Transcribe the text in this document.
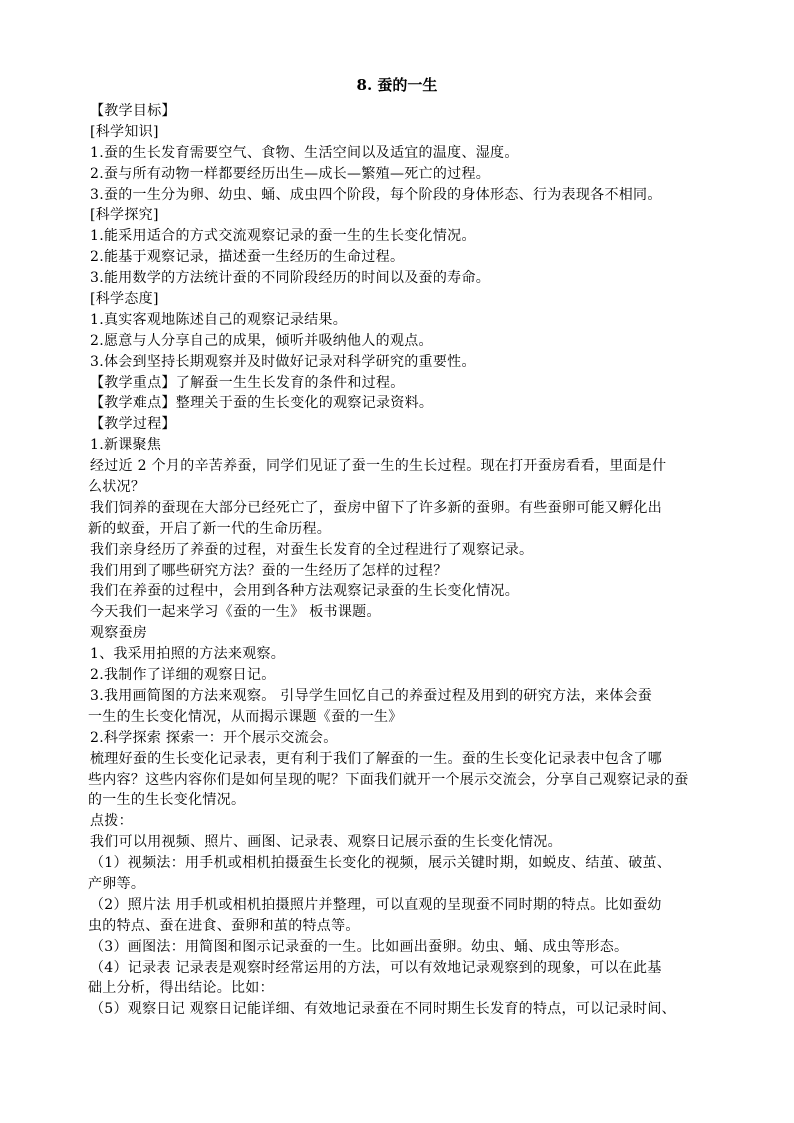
8. 蚕的一生
【教学目标】
[科学知识]
1.蚕的生长发育需要空气、食物、生活空间以及适宜的温度、湿度。
2.蚕与所有动物一样都要经历出生—成长—繁殖—死亡的过程。
3.蚕的一生分为卵、幼虫、蛹、成虫四个阶段，每个阶段的身体形态、行为表现各不相同。
[科学探究]
1.能采用适合的方式交流观察记录的蚕一生的生长变化情况。
2.能基于观察记录，描述蚕一生经历的生命过程。
3.能用数学的方法统计蚕的不同阶段经历的时间以及蚕的寿命。
[科学态度]
1.真实客观地陈述自己的观察记录结果。
2.愿意与人分享自己的成果，倾听并吸纳他人的观点。
3.体会到坚持长期观察并及时做好记录对科学研究的重要性。
【教学重点】了解蚕一生生长发育的条件和过程。
【教学难点】整理关于蚕的生长变化的观察记录资料。
【教学过程】
1.新课聚焦
经过近 2 个月的辛苦养蚕，同学们见证了蚕一生的生长过程。现在打开蚕房看看，里面是什
么状况？
我们饲养的蚕现在大部分已经死亡了，蚕房中留下了许多新的蚕卵。有些蚕卵可能又孵化出
新的蚁蚕，开启了新一代的生命历程。
我们亲身经历了养蚕的过程，对蚕生长发育的全过程进行了观察记录。
我们用到了哪些研究方法？蚕的一生经历了怎样的过程？
我们在养蚕的过程中，会用到各种方法观察记录蚕的生长变化情况。
今天我们一起来学习《蚕的一生》 板书课题。
观察蚕房
1、我采用拍照的方法来观察。
2.我制作了详细的观察日记。
3.我用画简图的方法来观察。 引导学生回忆自己的养蚕过程及用到的研究方法，来体会蚕
一生的生长变化情况，从而揭示课题《蚕的一生》
2.科学探索 探索一：开个展示交流会。
梳理好蚕的生长变化记录表，更有利于我们了解蚕的一生。蚕的生长变化记录表中包含了哪
些内容？这些内容你们是如何呈现的呢？下面我们就开一个展示交流会，分享自己观察记录的蚕
的一生的生长变化情况。
点拨：
我们可以用视频、照片、画图、记录表、观察日记展示蚕的生长变化情况。
（1）视频法：用手机或相机拍摄蚕生长变化的视频，展示关键时期，如蜕皮、结茧、破茧、
产卵等。
（2）照片法 用手机或相机拍摄照片并整理，可以直观的呈现蚕不同时期的特点。比如蚕幼
虫的特点、蚕在进食、蚕卵和茧的特点等。
（3）画图法：用简图和图示记录蚕的一生。比如画出蚕卵。幼虫、蛹、成虫等形态。
（4）记录表 记录表是观察时经常运用的方法，可以有效地记录观察到的现象，可以在此基
础上分析，得出结论。比如：
（5）观察日记 观察日记能详细、有效地记录蚕在不同时期生长发育的特点，可以记录时间、
